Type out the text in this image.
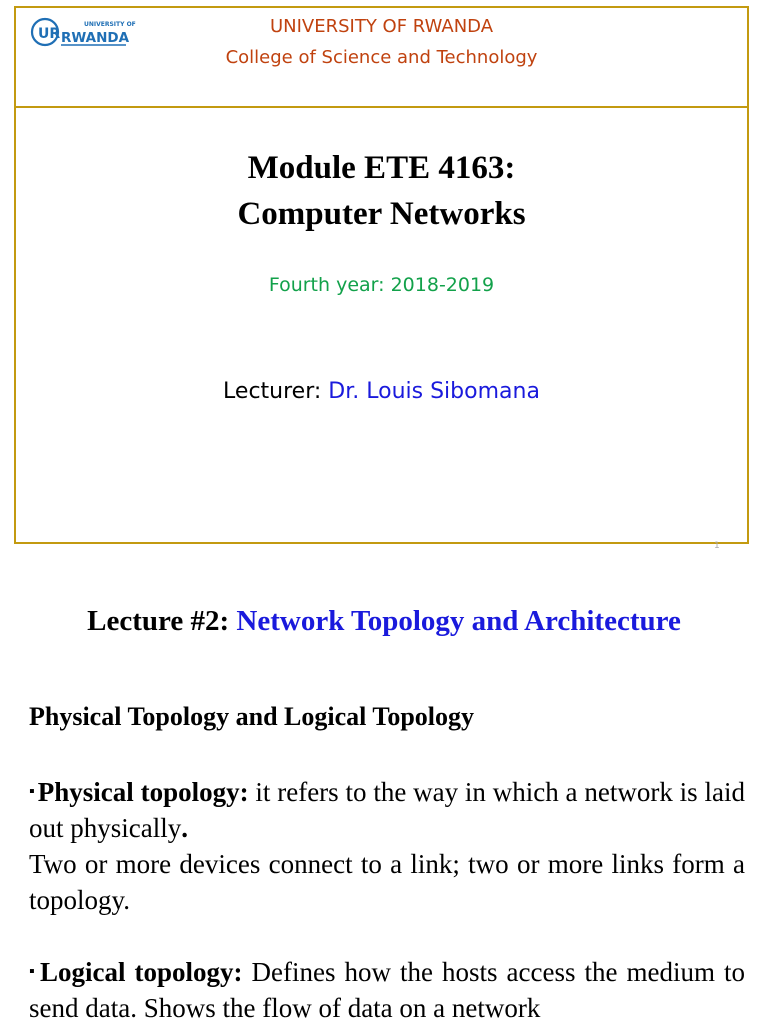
UR
UNIVERSITY OF
RWANDA
UNIVERSITY OF RWANDA
College of Science and Technology
Module ETE 4163:
Computer Networks
Fourth year: 2018-2019
Lecturer: Dr. Louis Sibomana
1
Lecture #2: Network Topology and Architecture
Physical Topology and Logical Topology
▪ Physical topology: it refers to the way in which a network is laid out physically.
Two or more devices connect to a link; two or more links form a topology.
▪ Logical topology: Defines how the hosts access the medium to send data. Shows the flow of data on a network
